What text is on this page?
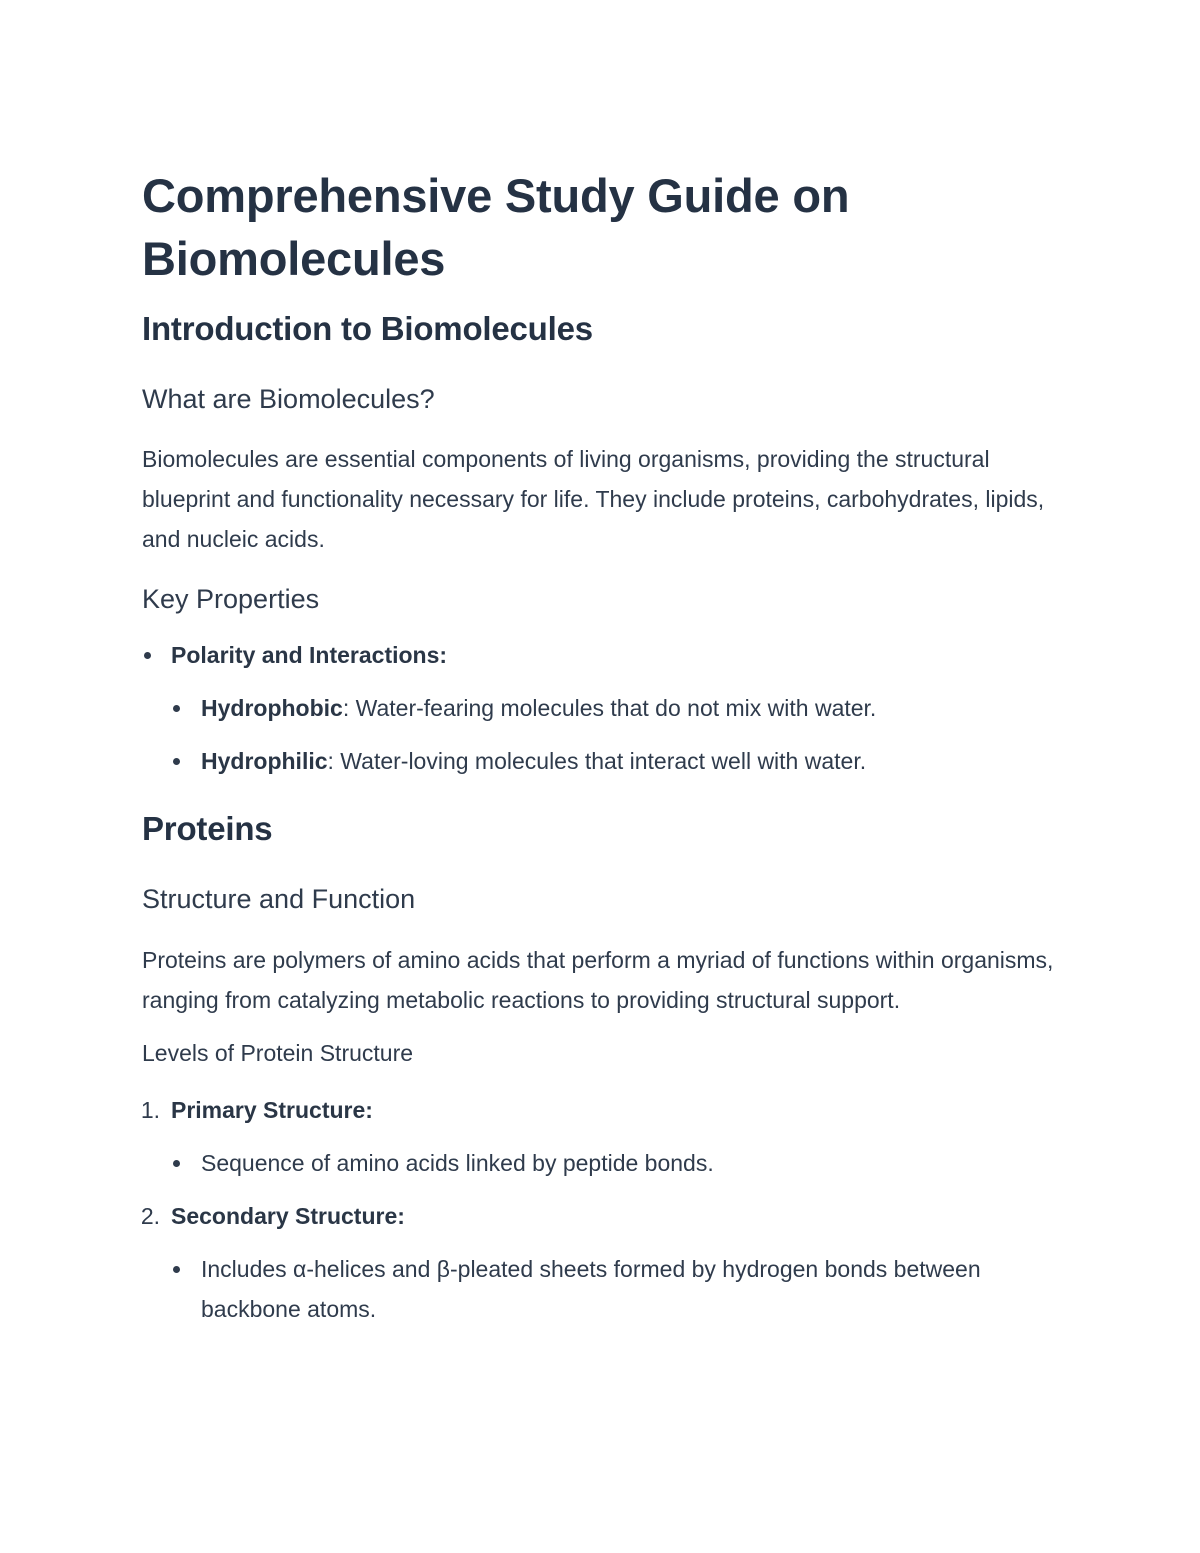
Comprehensive Study Guide on Biomolecules
Introduction to Biomolecules
What are Biomolecules?

Biomolecules are essential components of living organisms, providing the structural blueprint and functionality necessary for life. They include proteins, carbohydrates, lipids, and nucleic acids.

Key Properties
Polarity and Interactions:
Hydrophobic: Water-fearing molecules that do not mix with water.
Hydrophilic: Water-loving molecules that interact well with water.
Proteins
Structure and Function

Proteins are polymers of amino acids that perform a myriad of functions within organisms, ranging from catalyzing metabolic reactions to providing structural support.

Levels of Protein Structure
1. Primary Structure:
Sequence of amino acids linked by peptide bonds.
2. Secondary Structure:
Includes α-helices and β-pleated sheets formed by hydrogen bonds between backbone atoms.
